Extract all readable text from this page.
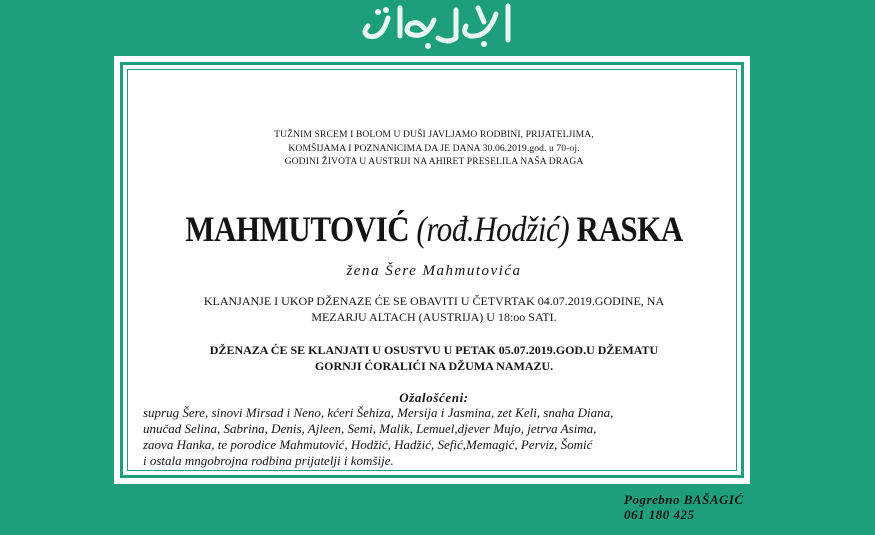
TUŽNIM SRCEM I BOLOM U DUŠI JAVLJAMO RODBINI, PRIJATELJIMA,
KOMŠIJAMA I POZNANICIMA DA JE DANA 30.06.2019.god. u 70-oj.
GODINI ŽIVOTA U AUSTRIJI NA AHIRET PRESELILA NAŠA DRAGA
MAHMUTOVIĆ (rođ.Hodžić) RASKA
žena Šere Mahmutovića
KLANJANJE I UKOP DŽENAZE ĆE SE OBAVITI U ČETVRTAK 04.07.2019.GODINE, NA
MEZARJU ALTACH (AUSTRIJA) U 18:oo SATI.
DŽENAZA ĆE SE KLANJATI U OSUSTVU U PETAK 05.07.2019.GOD.U DŽEMATU
GORNJI ĆORALIĆI NA DŽUMA NAMAZU.
Ožalošćeni:
suprug Šere, sinovi Mirsad i Neno, kćeri Šehiza, Mersija i Jasmina, zet Keli, snaha Diana,
unučad Selina, Sabrina, Denis, Ajleen, Semi, Malik, Lemuel,djever Mujo, jetrva Asima,
zaova Hanka, te porodice Mahmutović, Hodžić, Hadžić, Sefić,Memagić, Perviz, Šomić
i ostala mngobrojna rodbina prijatelji i komšije.
Pogrebno BAŠAGIĆ
061 180 425
